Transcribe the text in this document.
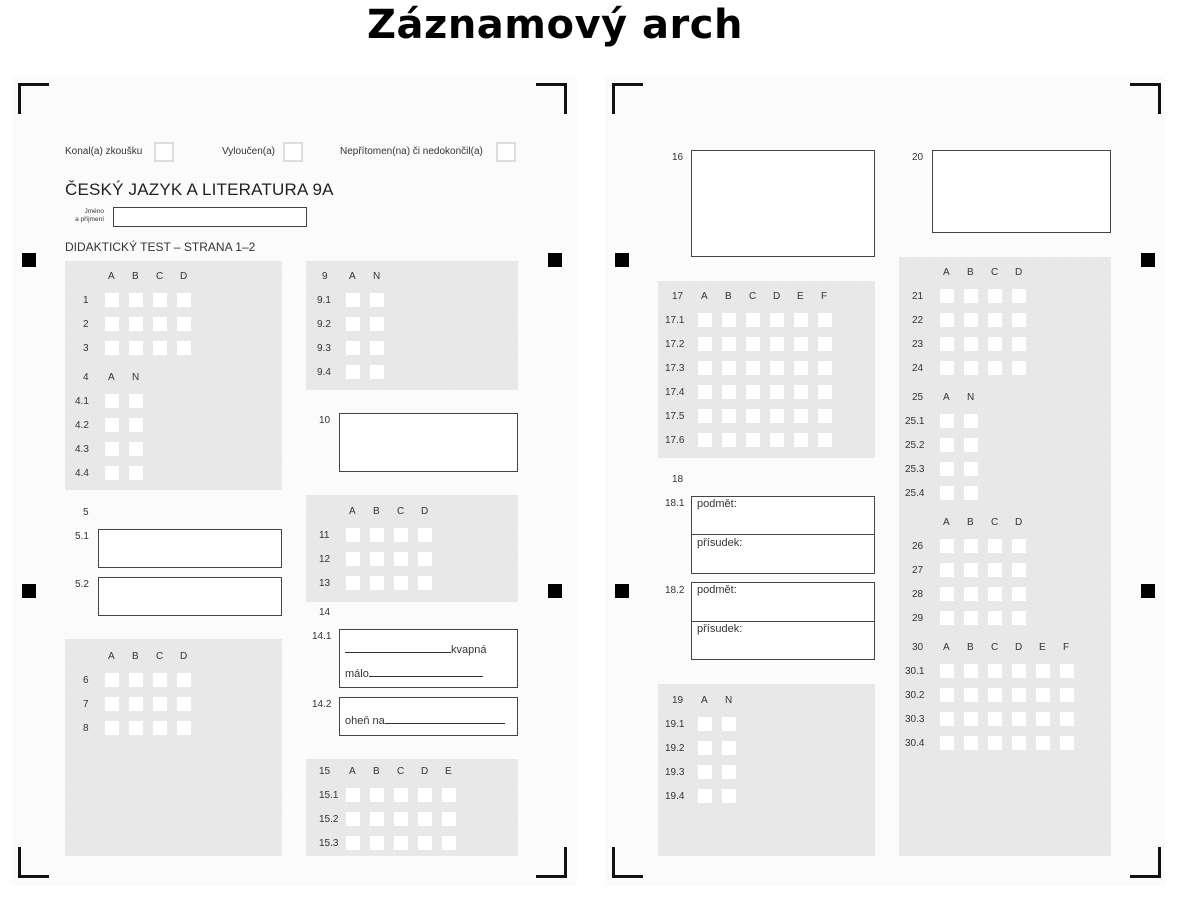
Záznamový arch
Konal(a) zkoušku	Vyloučen(a)	Nepřítomen(na) či nedokončil(a)
ČESKÝ JAZYK A LITERATURA 9A
Jméno
a příjmení
DIDAKTICKÝ TEST – STRANA 1–2
5
5.1
5.2
10
14
14.1
kvapná
málo
14.2
oheň na
16	20
18
18.1 podmět:
přísudek:
18.2 podmět:
přísudek:
A B C D
1
2
3
4 A N
4.1
4.2
4.3
4.4
A B C D
6
7
8
9 A N
9.1
9.2
9.3
9.4
A B C D
11
12
13
15 A B C D E
15.1
15.2
15.3
17 A B C D E F
17.1
17.2
17.3
17.4
17.5
17.6
19 A N
19.1
19.2
19.3
19.4
A B C D
21
22
23
24
25 A N
25.1
25.2
25.3
25.4
A B C D
26
27
28
29
30 A B C D E F
30.1
30.2
30.3
30.4
